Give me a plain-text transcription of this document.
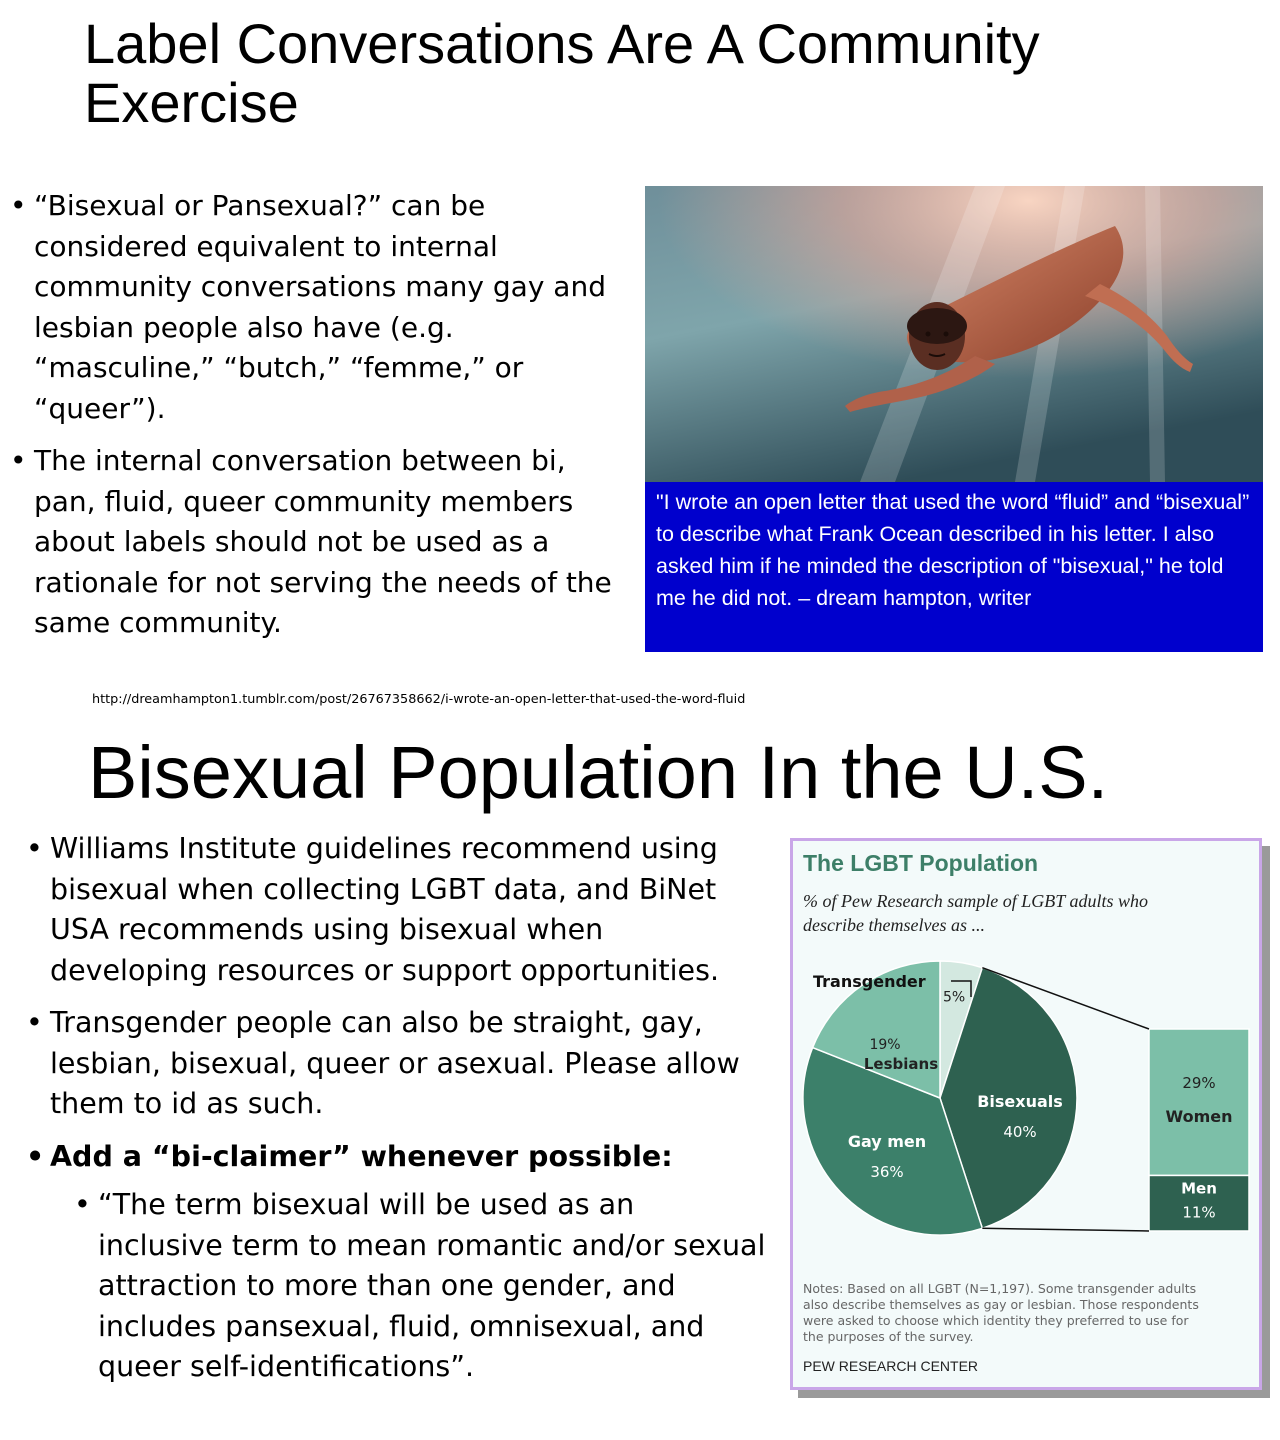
Label Conversations Are A Community Exercise
• “Bisexual or Pansexual?” can be considered equivalent to internal community conversations many gay and lesbian people also have (e.g. “masculine,” “butch,” “femme,” or “queer”).
• The internal conversation between bi, pan, fluid, queer community members about labels should not be used as a rationale for not serving the needs of the same community.
"I wrote an open letter that used the word “fluid” and “bisexual” to describe what Frank Ocean described in his letter. I also asked him if he minded the description of "bisexual," he told me he did not. – dream hampton, writer
http://dreamhampton1.tumblr.com/post/26767358662/i-wrote-an-open-letter-that-used-the-word-fluid
Bisexual Population In the U.S.
• Williams Institute guidelines recommend using bisexual when collecting LGBT data, and BiNet USA recommends using bisexual when developing resources or support opportunities.
• Transgender people can also be straight, gay, lesbian, bisexual, queer or asexual. Please allow them to id as such.
• Add a “bi-claimer” whenever possible:
• “The term bisexual will be used as an inclusive term to mean romantic and/or sexual attraction to more than one gender, and includes pansexual, fluid, omnisexual, and queer self-identifications”.
The LGBT Population
% of Pew Research sample of LGBT adults who describe themselves as ...
5%
Transgender
Bisexuals
40%
Gay men
36%
19%
Lesbians
29%
Women
Men
11%
Notes: Based on all LGBT (N=1,197). Some transgender adults also describe themselves as gay or lesbian. Those respondents were asked to choose which identity they preferred to use for the purposes of the survey.
PEW RESEARCH CENTER
